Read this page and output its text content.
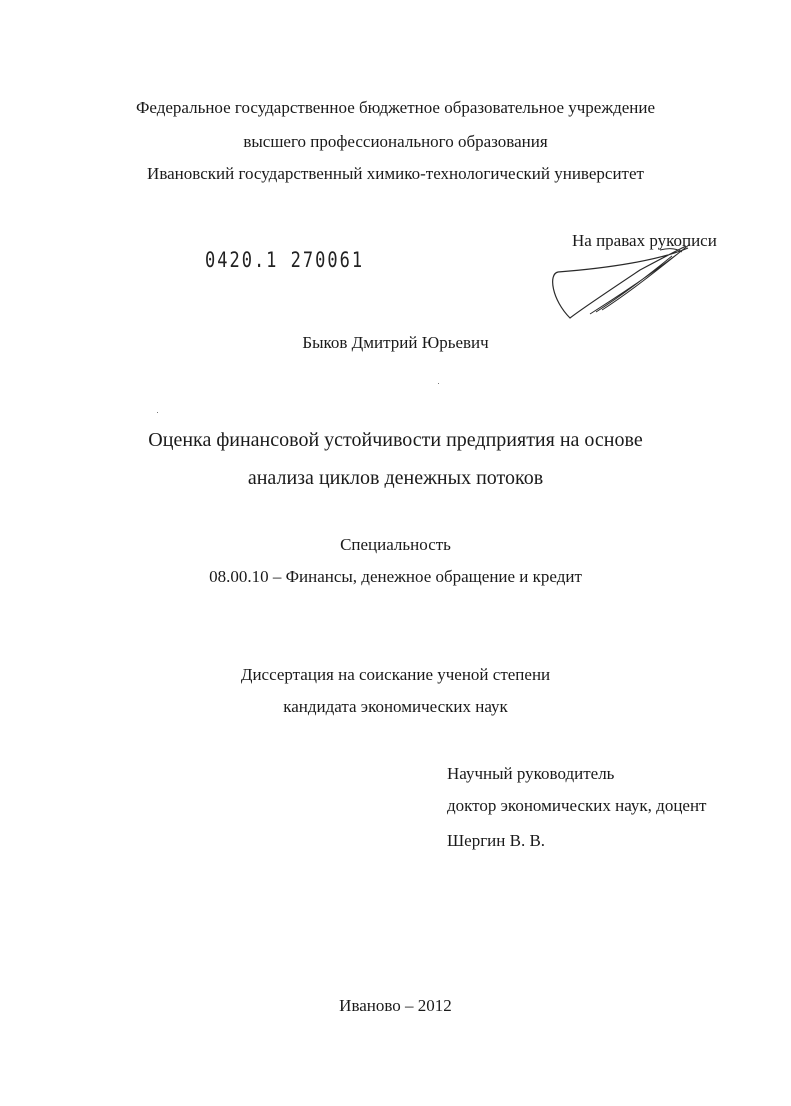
Федеральное государственное бюджетное образовательное учреждение
высшего профессионального образования
Ивановский государственный химико-технологический университет
0420.1 270061
На правах рукописи
Быков Дмитрий Юрьевич
Оценка финансовой устойчивости предприятия на основе
анализа циклов денежных потоков
Специальность
08.00.10 – Финансы, денежное обращение и кредит
Диссертация на соискание ученой степени
кандидата экономических наук
Научный руководитель
доктор экономических наук, доцент
Шергин В. В.
Иваново – 2012
